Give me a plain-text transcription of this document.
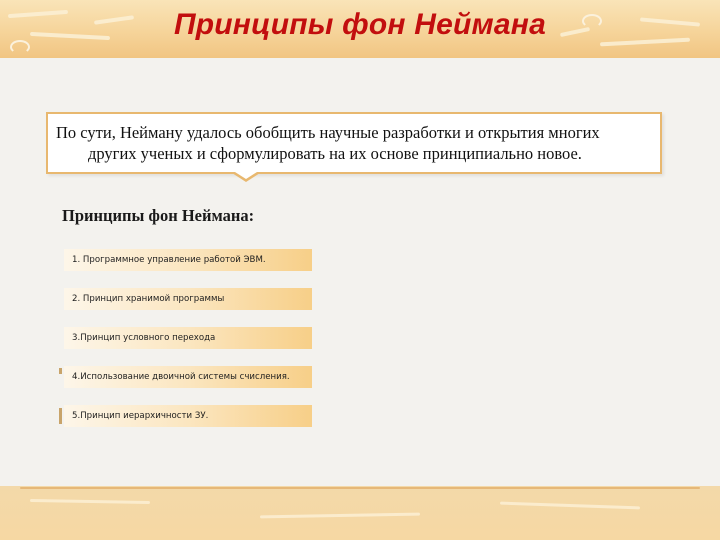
Принципы фон Неймана
По сути, Нейману удалось обобщить научные разработки и открытия многих
других ученых и сформулировать на их основе принципиально новое.
Принципы фон Неймана:
1. Программное управление работой ЭВМ.
2. Принцип хранимой программы
3.Принцип условного перехода
4.Использование двоичной системы счисления.
5.Принцип иерархичности ЗУ.
